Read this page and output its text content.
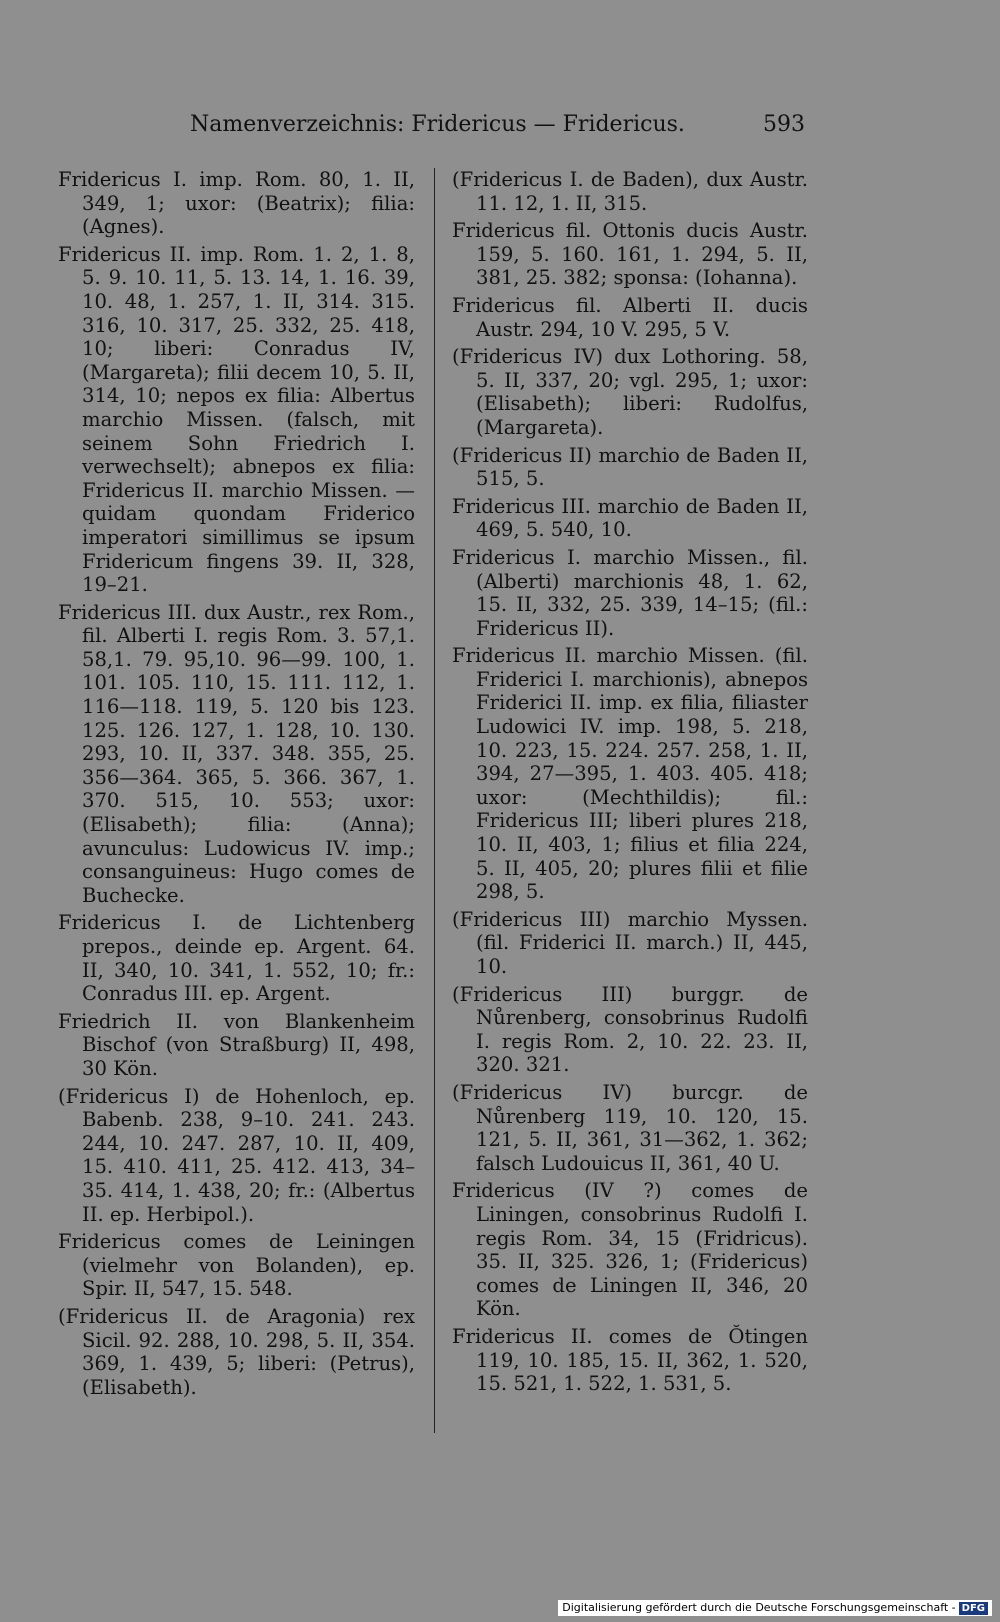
Namenverzeichnis: Fridericus — Fridericus.	593

Fridericus I. imp. Rom. 80, 1. II, 349, 1; uxor: (Beatrix); filia: (Agnes).

Fridericus II. imp. Rom. 1. 2, 1. 8, 5. 9. 10. 11, 5. 13. 14, 1. 16. 39, 10. 48, 1. 257, 1. II, 314. 315. 316, 10. 317, 25. 332, 25. 418, 10; liberi: Conradus IV, (Margareta); filii decem 10, 5. II, 314, 10; nepos ex filia: Albertus marchio Missen. (falsch, mit seinem Sohn Friedrich I. verwechselt); abnepos ex filia: Fridericus II. marchio Missen. — quidam quondam Friderico imperatori simillimus se ipsum Fridericum fingens 39. II, 328, 19–21.

Fridericus III. dux Austr., rex Rom., fil. Alberti I. regis Rom. 3. 57,1. 58,1. 79. 95,10. 96—99. 100, 1. 101. 105. 110, 15. 111. 112, 1. 116—118. 119, 5. 120 bis 123. 125. 126. 127, 1. 128, 10. 130. 293, 10. II, 337. 348. 355, 25. 356—364. 365, 5. 366. 367, 1. 370. 515, 10. 553; uxor: (Elisabeth); filia: (Anna); avunculus: Ludowicus IV. imp.; consanguineus: Hugo comes de Buchecke.

Fridericus I. de Lichtenberg prepos., deinde ep. Argent. 64. II, 340, 10. 341, 1. 552, 10; fr.: Conradus III. ep. Argent.

Friedrich II. von Blankenheim Bischof (von Straßburg) II, 498, 30 Kön.

(Fridericus I) de Hohenloch, ep. Babenb. 238, 9–10. 241. 243. 244, 10. 247. 287, 10. II, 409, 15. 410. 411, 25. 412. 413, 34–35. 414, 1. 438, 20; fr.: (Albertus II. ep. Herbipol.).

Fridericus comes de Leiningen (vielmehr von Bolanden), ep. Spir. II, 547, 15. 548.

(Fridericus II. de Aragonia) rex Sicil. 92. 288, 10. 298, 5. II, 354. 369, 1. 439, 5; liberi: (Petrus), (Elisabeth).

(Fridericus I. de Baden), dux Austr. 11. 12, 1. II, 315.

Fridericus fil. Ottonis ducis Austr. 159, 5. 160. 161, 1. 294, 5. II, 381, 25. 382; sponsa: (Iohanna).

Fridericus fil. Alberti II. ducis Austr. 294, 10 V. 295, 5 V.

(Fridericus IV) dux Lothoring. 58, 5. II, 337, 20; vgl. 295, 1; uxor: (Elisabeth); liberi: Rudolfus, (Margareta).

(Fridericus II) marchio de Baden II, 515, 5.

Fridericus III. marchio de Baden II, 469, 5. 540, 10.

Fridericus I. marchio Missen., fil. (Alberti) marchionis 48, 1. 62, 15. II, 332, 25. 339, 14–15; (fil.: Fridericus II).

Fridericus II. marchio Missen. (fil. Friderici I. marchionis), abnepos Friderici II. imp. ex filia, filiaster Ludowici IV. imp. 198, 5. 218, 10. 223, 15. 224. 257. 258, 1. II, 394, 27—395, 1. 403. 405. 418; uxor: (Mechthildis); fil.: Fridericus III; liberi plures 218, 10. II, 403, 1; filius et filia 224, 5. II, 405, 20; plures filii et filie 298, 5.

(Fridericus III) marchio Myssen. (fil. Friderici II. march.) II, 445, 10.

(Fridericus III) burggr. de Nůrenberg, consobrinus Rudolfi I. regis Rom. 2, 10. 22. 23. II, 320. 321.

(Fridericus IV) burcgr. de Nůrenberg 119, 10. 120, 15. 121, 5. II, 361, 31—362, 1. 362; falsch Ludouicus II, 361, 40 U.

Fridericus (IV ?) comes de Liningen, consobrinus Rudolfi I. regis Rom. 34, 15 (Fridricus). 35. II, 325. 326, 1; (Fridericus) comes de Liningen II, 346, 20 Kön.

Fridericus II. comes de Ŏtingen 119, 10. 185, 15. II, 362, 1. 520, 15. 521, 1. 522, 1. 531, 5.

Digitalisierung gefördert durch die Deutsche Forschungsgemeinschaft - DFG
